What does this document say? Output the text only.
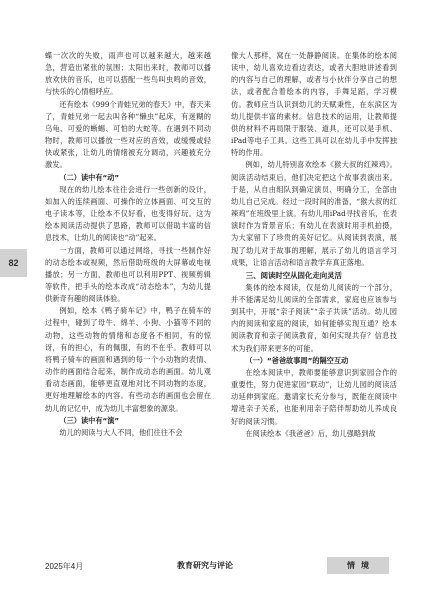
82

蝶一次次的失败，雨声也可以越来越大，越来越急，营造出紧张的氛围；太阳出来时，教师可以播放欢快的音乐，也可以搭配一些鸟叫虫鸣的音效，与快乐的心情相呼应。

还有绘本《999个青蛙兄弟的春天》中，春天来了，青蛙兄弟一起去叫各种“懒虫”起床，有迷糊的乌龟、可爱的蜥蜴、可怕的大蛇等。在遇到不同动物时，教师可以播放一些对应的音效，或缓慢或轻快或紧张，让幼儿的情绪被充分调动，兴趣被充分激发。

（二）读中有“动”

现在的幼儿绘本往往会进行一些创新的设计，如加入的连续画面、可操作的立体画面、可交互的电子读本等，让绘本不仅好看，也变得好玩。这为绘本阅读活动提供了思路，教师可以借助丰富的信息技术，让幼儿的阅读也“动”起来。

一方面，教师可以通过网络，寻找一些制作好的动态绘本或视频，然后借助班级的大屏幕或电视播放；另一方面，教师也可以利用PPT、视频剪辑等软件，把手头的绘本改成“动态绘本”，为幼儿提供新奇有趣的阅读体验。

例如，绘本《鸭子骑车记》中，鸭子在骑车的过程中，碰到了母牛、绵羊、小狗、小猫等不同的动物，这些动物的情绪和态度各不相同，有的惊讶，有的担心，有的佩服，有的不在乎。教师可以将鸭子骑车的画面和遇到的每一个小动物的表情、动作的画面结合起来，制作成动态的画面。幼儿观看动态画面，能够更直观地对比不同动物的态度，更好地理解绘本的内容。有些动态的画面也会留在幼儿的记忆中，成为幼儿丰富想象的源泉。

（三）读中有“演”

幼儿的阅读与大人不同，他们往往不会

像大人那样，窝在一处静静阅读。在集体的绘本阅读中，幼儿喜欢边看边表达，或者大胆地讲述看到的内容与自己的理解，或者与小伙伴分享自己的想法，或者配合着绘本的内容，手舞足蹈，学习模仿。教师应当认识到幼儿的天赋秉性，在东滨区为幼儿提供丰富的素材。信息技术的运用，让教师提供的材料不再局限于服装、道具，还可以是手机、iPad等电子工具。这些工具可以在幼儿手中发挥独特的作用。

例如，幼儿特别喜欢绘本《猴大叔的红辣鸡》。阅读活动结束后，他们决定把这个故事表演出来。于是，从自由组队到确定演员、明确分工，全部由幼儿自己完成。经过一段时间的准备，“猴大叔的红辣鸡”在班级里上演。有幼儿用iPad寻找音乐，在表演时作为背景音乐；有幼儿在表演时用手机拍摄，为大家留下了珍贵的美好记忆。从阅读到表演，展现了幼儿对于故事的理解，展示了幼儿的语言学习成果，让语言活动和语言教学弃真正落地。

三、阅读时空从固化走向灵活

集体的绘本阅读，仅是幼儿阅读的一个部分，并不能满足幼儿阅读的全部需求，家庭也应该参与到其中，开展“亲子阅读”“亲子共读”活动。幼儿园内的阅读和家庭的阅读，如何能够实现互通？绘本阅读教育和亲子阅读教育，如何实现共存？信息技术为我们带来更多的可能。

（一）“爸爸故事周”的隔空互动

在绘本阅读中，教师要能够意识到家园合作的重要性，努力促进家园“联动”，让幼儿园的阅读活动延伸到家庭。邀请家长充分参与，既能在阅读中增进亲子关系，也能利用亲子陪伴帮助幼儿养成良好的阅读习惯。

在阅读绘本《我爸爸》后，幼儿强略到故

2025年4月	教育研究与评论	情境
